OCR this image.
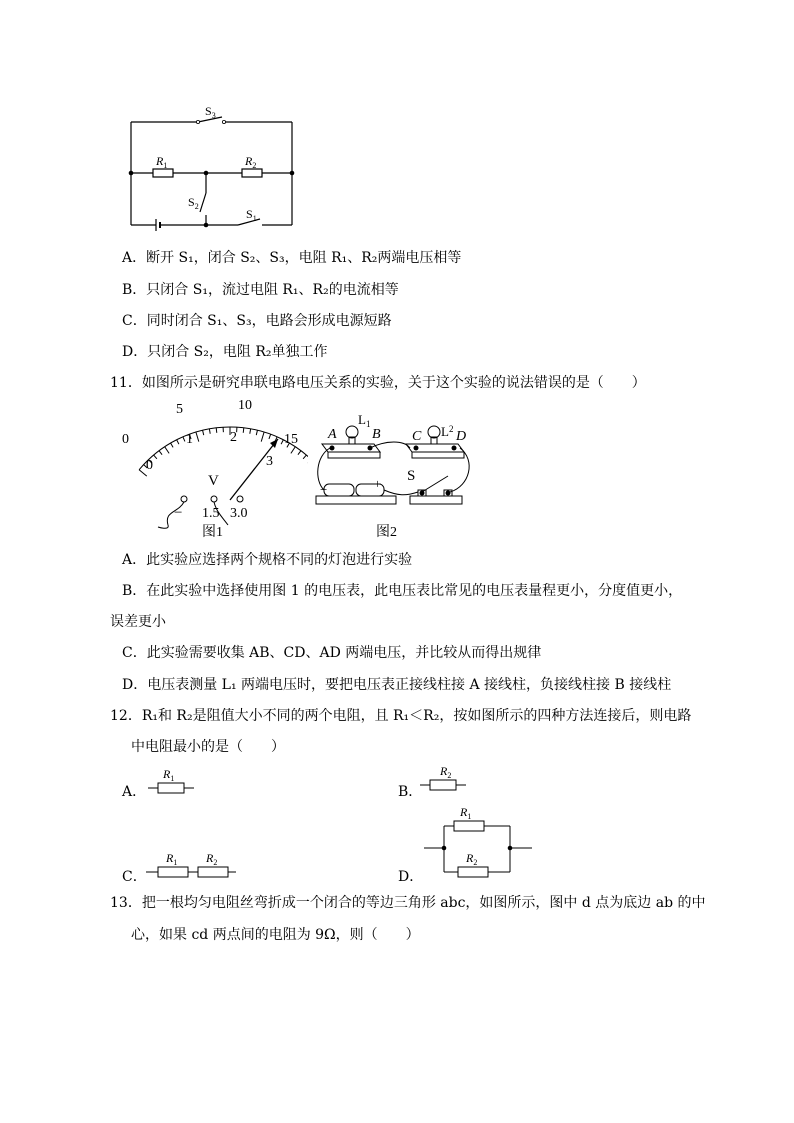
$S_3$
$R_1$	$R_2$
$S_2$
$S_1$
A．断开 S₁，闭合 S₂、S₃，电阻 R₁、R₂两端电压相等
B．只闭合 S₁，流过电阻 R₁、R₂的电流相等
C．同时闭合 S₁、S₃，电路会形成电源短路
D．只闭合 S₂，电阻 R₂单独工作
11．如图所示是研究串联电路电压关系的实验，关于这个实验的说法错误的是（　　）
0
5	10
15
0
1	2
3
V
− 1.5 3.0
图1
A
$L_1$
B C $L^2$ D
S
−	+
图2
A．此实验应选择两个规格不同的灯泡进行实验
B．在此实验中选择使用图 1 的电压表，此电压表比常见的电压表量程更小，分度值更小，
误差更小
C．此实验需要收集 AB、CD、AD 两端电压，并比较从而得出规律
D．电压表测量 L₁ 两端电压时，要把电压表正接线柱接 A 接线柱，负接线柱接 B 接线柱
12．R₁和 R₂是阻值大小不同的两个电阻，且 R₁＜R₂，按如图所示的四种方法连接后，则电路
中电阻最小的是（　　）
A．
$R_1$
B．
$R_2$
C．
$R_1$ $R_2$
D．
$R_1$
$R_2$
13．把一根均匀电阻丝弯折成一个闭合的等边三角形 abc，如图所示，图中 d 点为底边 ab 的中
心，如果 cd 两点间的电阻为 9Ω，则（　　）
